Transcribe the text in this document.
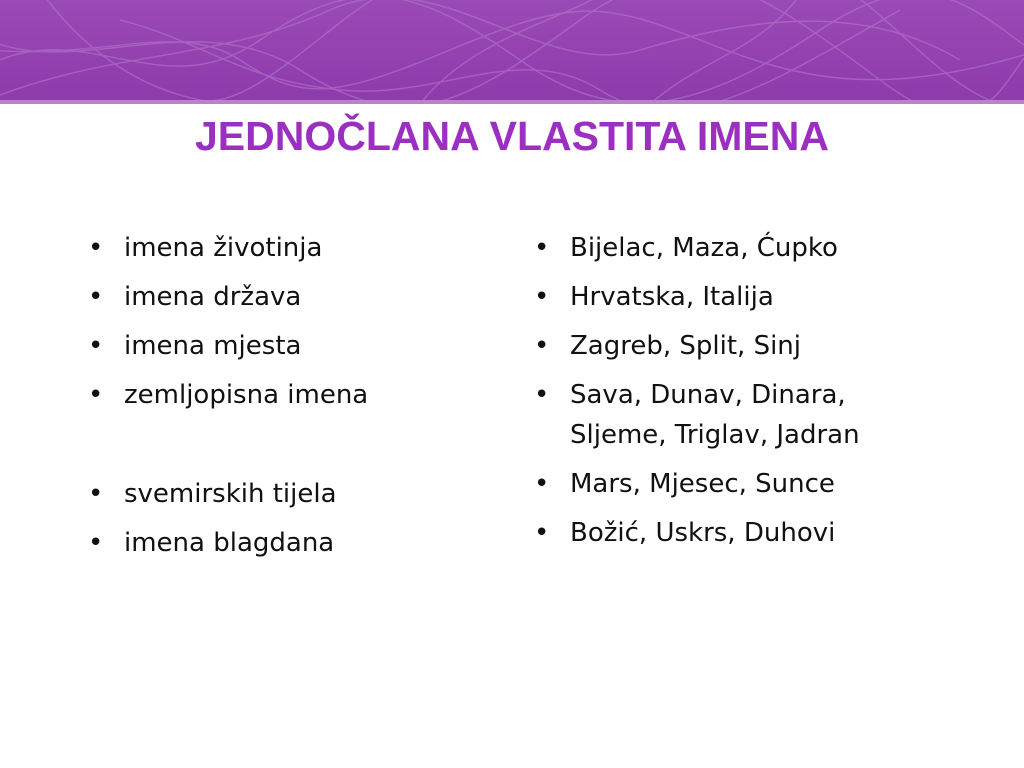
JEDNOČLANA VLASTITA IMENA
• imena životinja
• imena država
• imena mjesta
• zemljopisna imena
• svemirskih tijela
• imena blagdana
• Bijelac, Maza, Ćupko
• Hrvatska, Italija
• Zagreb, Split, Sinj
• Sava, Dunav, Dinara,
Sljeme, Triglav, Jadran
• Mars, Mjesec, Sunce
• Božić, Uskrs, Duhovi
